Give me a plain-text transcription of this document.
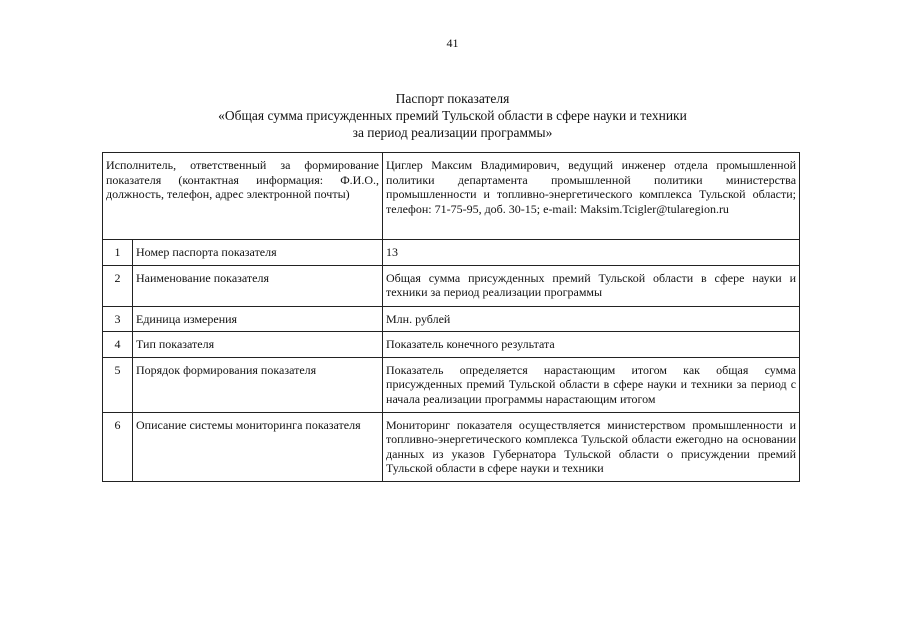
41
Паспорт показателя
«Общая сумма присужденных премий Тульской области в сфере науки и техники
за период реализации программы»
Исполнитель, ответственный за формирование показателя (контактная информация: Ф.И.О., должность, телефон, адрес электронной почты)		Циглер Максим Владимирович, ведущий инженер отдела промышленной политики департамента промышленной политики министерства промышленности и топливно-энергетического комплекса Тульской области; телефон: 71-75-95, доб. 30-15; e-mail: Maksim.Tcigler@tularegion.ru
1	Номер паспорта показателя	13
2	Наименование показателя	Общая сумма присужденных премий Тульской области в сфере науки и техники за период реализации программы
3	Единица измерения	Млн. рублей
4	Тип показателя	Показатель конечного результата
5	Порядок формирования показателя	Показатель определяется нарастающим итогом как общая сумма присужденных премий Тульской области в сфере науки и техники за период с начала реализации программы нарастающим итогом
6	Описание системы мониторинга показателя	Мониторинг показателя осуществляется министерством промышленности и топливно-энергетического комплекса Тульской области ежегодно на основании данных из указов Губернатора Тульской области о присуждении премий Тульской области в сфере науки и техники
